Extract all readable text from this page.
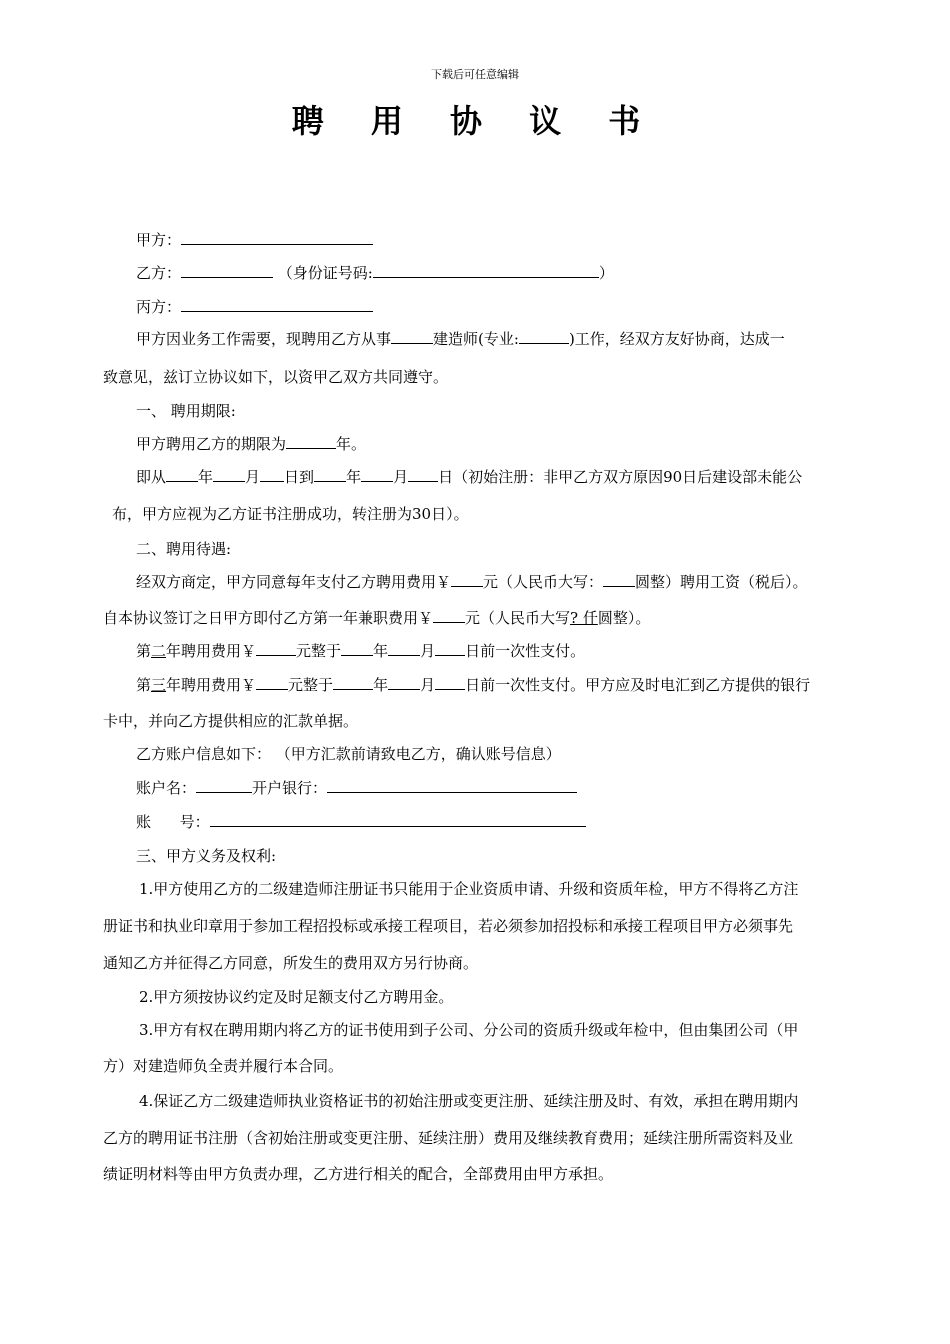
下载后可任意编辑
聘 用 协 议 书
甲方：
乙方：	（身份证号码:	）
丙方：
甲方因业务工作需要，现聘用乙方从事	建造师(专业:	)工作，经双方友好协商，达成一
致意见，兹订立协议如下，以资甲乙双方共同遵守。
一、 聘用期限:
甲方聘用乙方的期限为	年。
即从 年 月 日到 年 月 日（初始注册：非甲乙方双方原因90日后建设部未能公
布，甲方应视为乙方证书注册成功，转注册为30日）。
二、聘用待遇:
经双方商定，甲方同意每年支付乙方聘用费用￥ 元（人民币大写： 圆整）聘用工资（税后）。
自本协议签订之日甲方即付乙方第一年兼职费用￥ 元（人民币大写? 仟圆整）。
第二年聘用费用￥	元整于 年 月 日前一次性支付。
第三年聘用费用￥ 元整于	年 月 日前一次性支付。甲方应及时电汇到乙方提供的银行
卡中，并向乙方提供相应的汇款单据。
乙方账户信息如下： （甲方汇款前请致电乙方，确认账号信息）
账户名：	开户银行：
账      号：
三、甲方义务及权利:
1.甲方使用乙方的二级建造师注册证书只能用于企业资质申请、升级和资质年检，甲方不得将乙方注
册证书和执业印章用于参加工程招投标或承接工程项目，若必须参加招投标和承接工程项目甲方必须事先
通知乙方并征得乙方同意，所发生的费用双方另行协商。
2.甲方须按协议约定及时足额支付乙方聘用金。
3.甲方有权在聘用期内将乙方的证书使用到子公司、分公司的资质升级或年检中，但由集团公司（甲
方）对建造师负全责并履行本合同。
4.保证乙方二级建造师执业资格证书的初始注册或变更注册、延续注册及时、有效，承担在聘用期内
乙方的聘用证书注册（含初始注册或变更注册、延续注册）费用及继续教育费用；延续注册所需资料及业
绩证明材料等由甲方负责办理，乙方进行相关的配合，全部费用由甲方承担。
